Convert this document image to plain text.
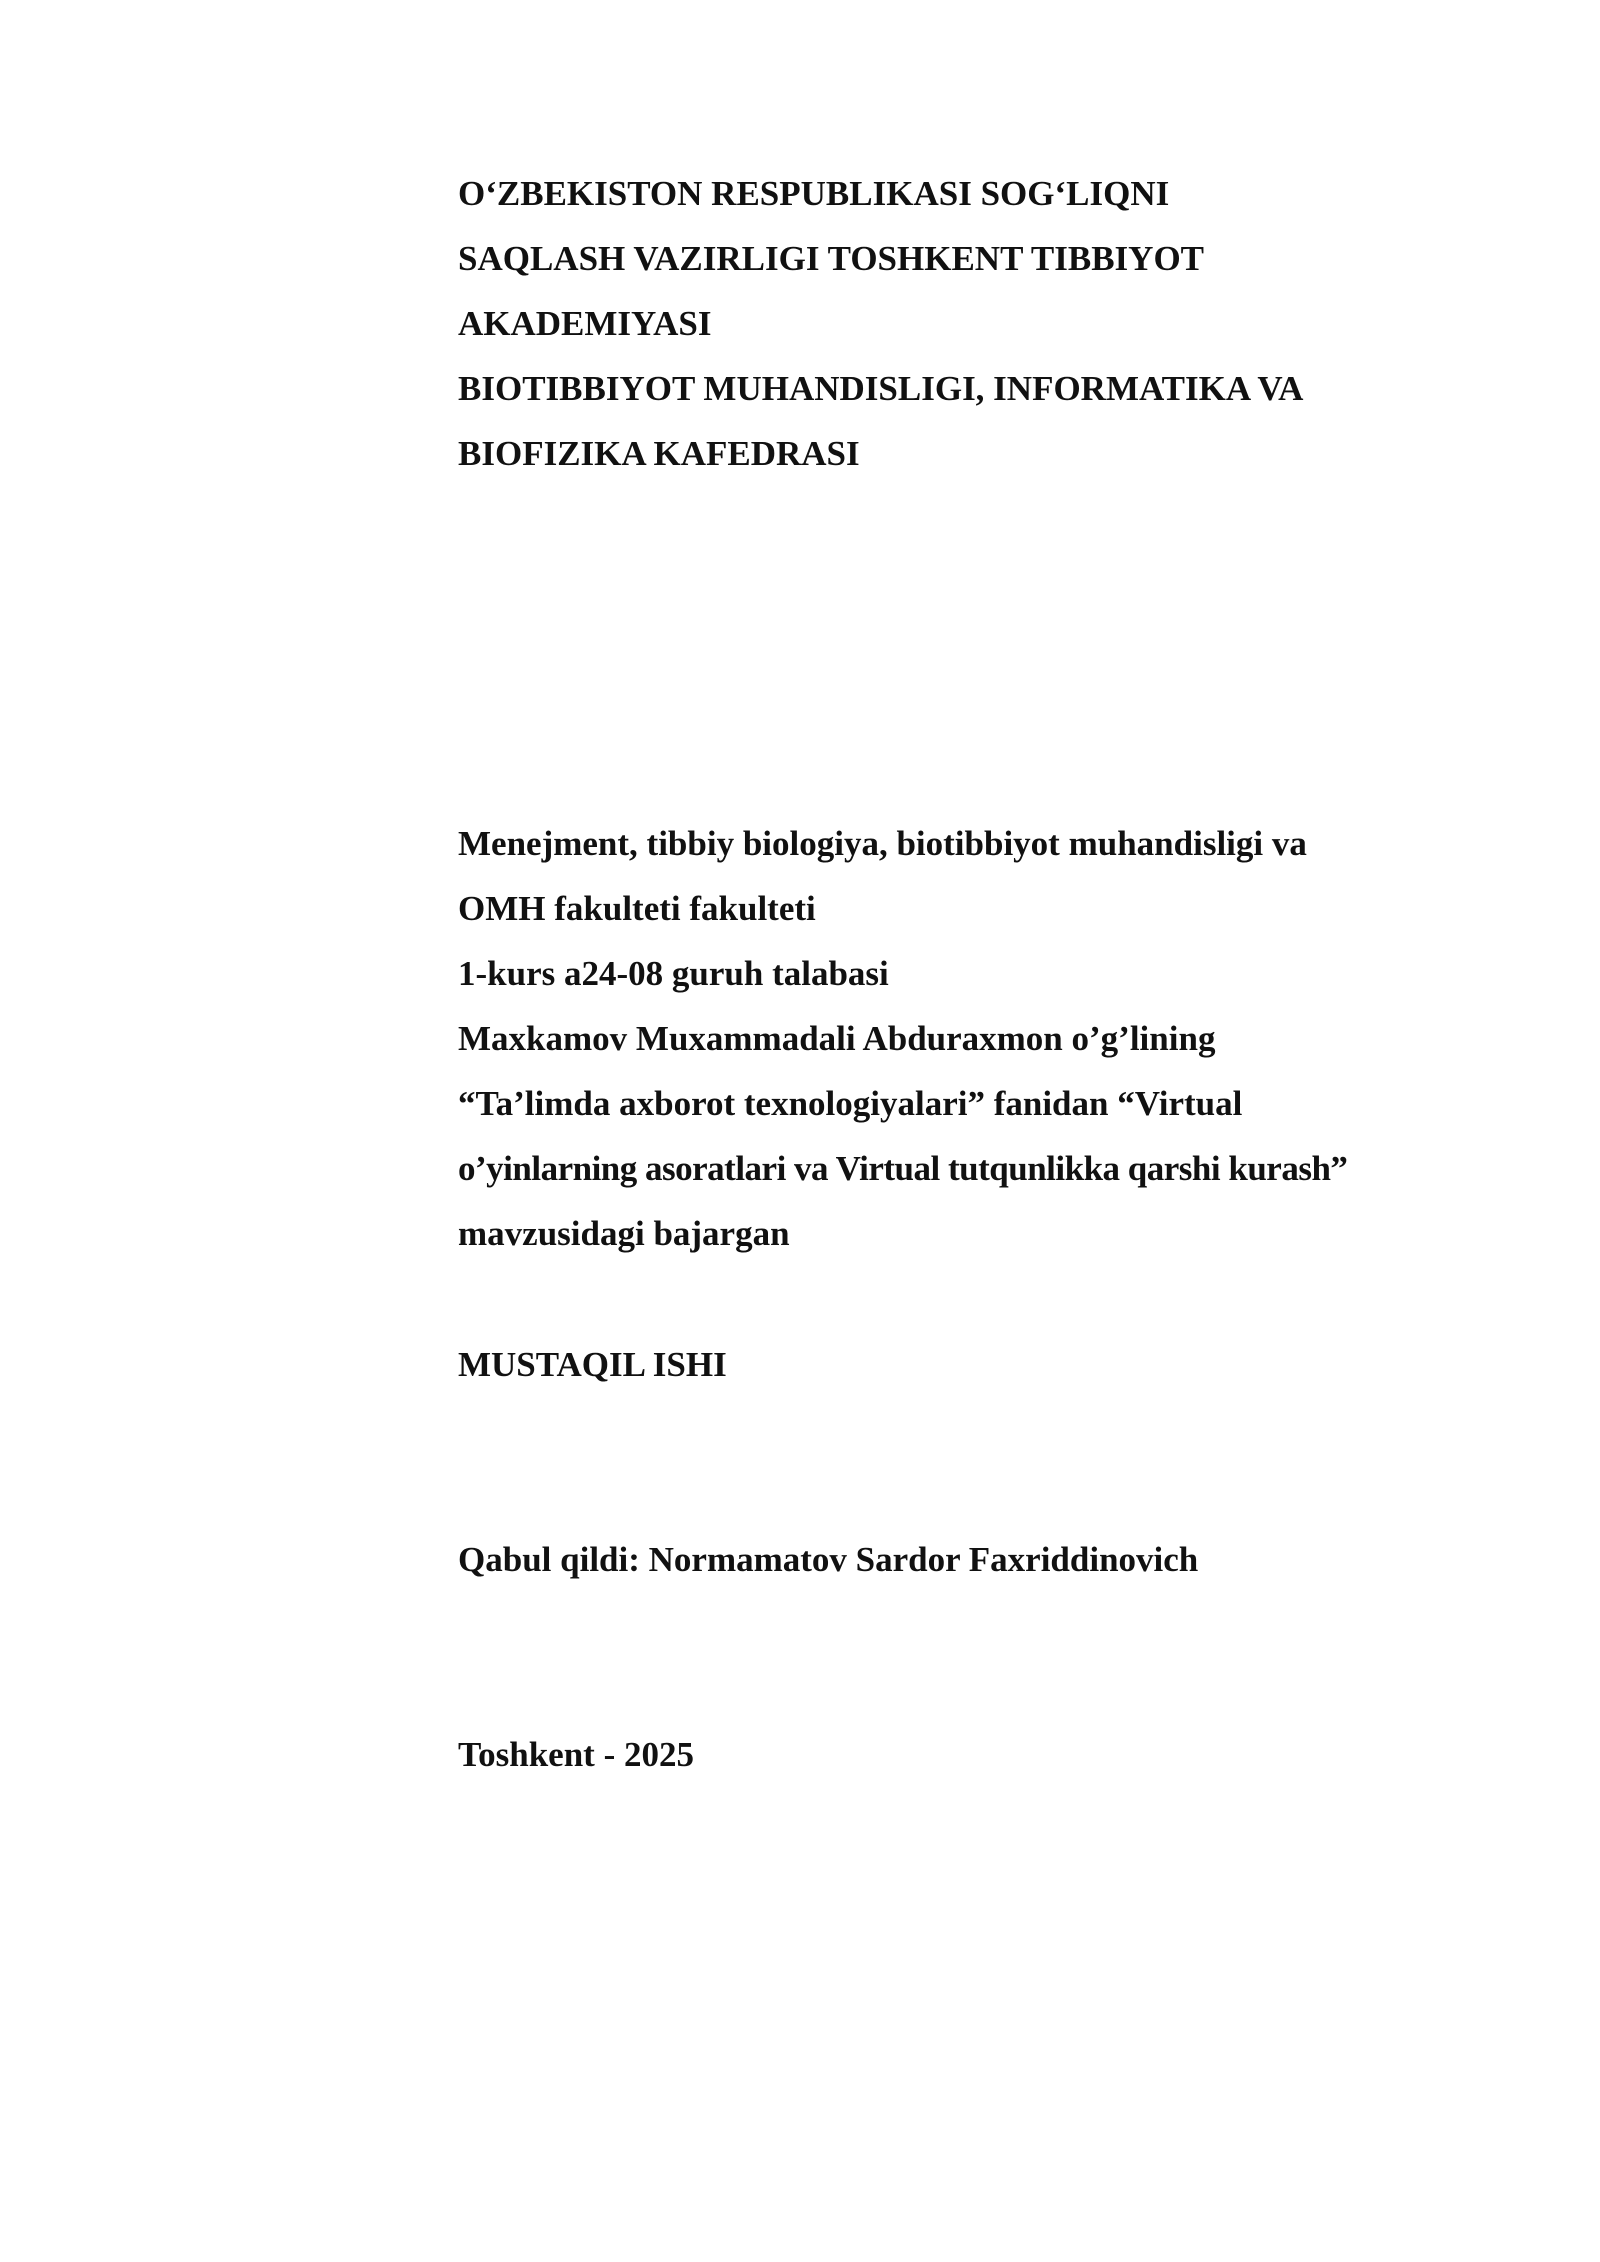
O‘ZBEKISTON RESPUBLIKASI SOG‘LIQNI
SAQLASH VAZIRLIGI TOSHKENT TIBBIYOT
AKADEMIYASI
BIOTIBBIYOT MUHANDISLIGI, INFORMATIKA VA
BIOFIZIKA KAFEDRASI
Menejment, tibbiy biologiya, biotibbiyot muhandisligi va
OMH fakulteti fakulteti
1-kurs a24-08 guruh talabasi
Maxkamov Muxammadali Abduraxmon o’g’lining
“Ta’limda axborot texnologiyalari” fanidan “Virtual
o’yinlarning asoratlari va Virtual tutqunlikka qarshi kurash”
mavzusidagi bajargan
MUSTAQIL ISHI
Qabul qildi: Normamatov Sardor Faxriddinovich
Toshkent - 2025
